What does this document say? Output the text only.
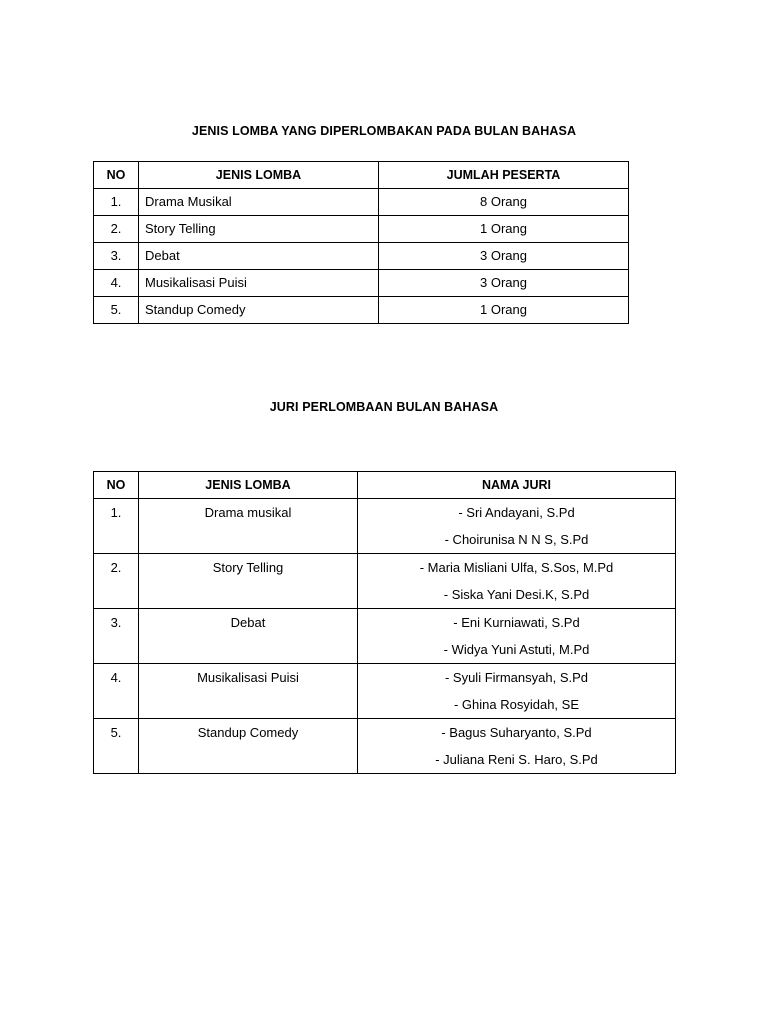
JENIS LOMBA YANG DIPERLOMBAKAN PADA BULAN BAHASA
NO	JENIS LOMBA	JUMLAH PESERTA
1.	Drama Musikal	8 Orang
2.	Story Telling	1 Orang
3.	Debat	3 Orang
4.	Musikalisasi Puisi	3 Orang
5.	Standup Comedy	1 Orang
JURI PERLOMBAAN BULAN BAHASA
NO	JENIS LOMBA	NAMA JURI
1.	Drama musikal	- Sri Andayani, S.Pd
- Choirunisa N N S, S.Pd

2.	Story Telling	- Maria Misliani Ulfa, S.Sos, M.Pd
- Siska Yani Desi.K, S.Pd

3.	Debat	- Eni Kurniawati, S.Pd
- Widya Yuni Astuti, M.Pd

4.	Musikalisasi Puisi	- Syuli Firmansyah, S.Pd
- Ghina Rosyidah, SE

5.	Standup Comedy	- Bagus Suharyanto, S.Pd
- Juliana Reni S. Haro, S.Pd
